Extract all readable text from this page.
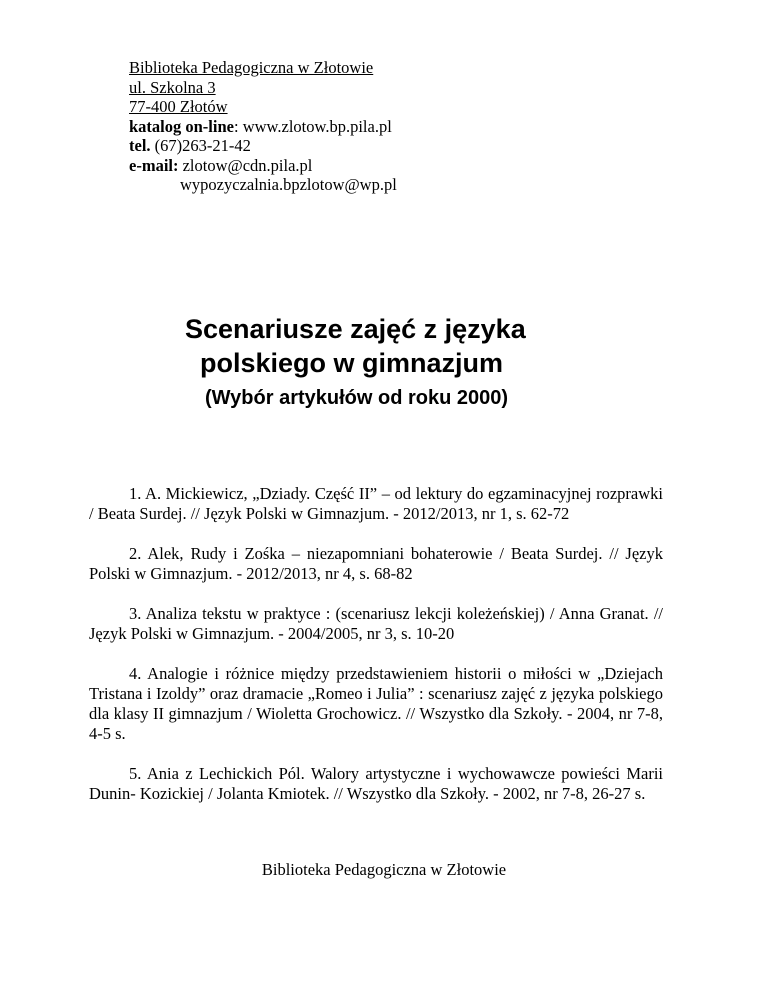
Biblioteka Pedagogiczna w Złotowie
ul. Szkolna 3
77-400 Złotów
katalog on-line: www.zlotow.bp.pila.pl
tel. (67)263-21-42
e-mail: zlotow@cdn.pila.pl
wypozyczalnia.bpzlotow@wp.pl
Scenariusze zajęć z języka
polskiego w gimnazjum
(Wybór artykułów od roku 2000)

1. A. Mickiewicz, „Dziady. Część II” – od lektury do egzaminacyjnej rozprawki / Beata Surdej. // Język Polski w Gimnazjum. - 2012/2013, nr 1, s. 62-72

2. Alek, Rudy i Zośka – niezapomniani bohaterowie / Beata Surdej. // Język Polski w Gimnazjum. - 2012/2013, nr 4, s. 68-82

3. Analiza tekstu w praktyce : (scenariusz lekcji koleżeńskiej) / Anna Granat. // Język Polski w Gimnazjum. - 2004/2005, nr 3, s. 10-20

4. Analogie i różnice między przedstawieniem historii o miłości w „Dziejach Tristana i Izoldy” oraz dramacie „Romeo i Julia” : scenariusz zajęć z języka polskiego dla klasy II gimnazjum / Wioletta Grochowicz. // Wszystko dla Szkoły. - 2004, nr 7-8, 4-5 s.

5. Ania z Lechickich Pól. Walory artystyczne i wychowawcze powieści Marii Dunin- Kozickiej / Jolanta Kmiotek. // Wszystko dla Szkoły. - 2002, nr 7-8, 26-27 s.

Biblioteka Pedagogiczna w Złotowie
